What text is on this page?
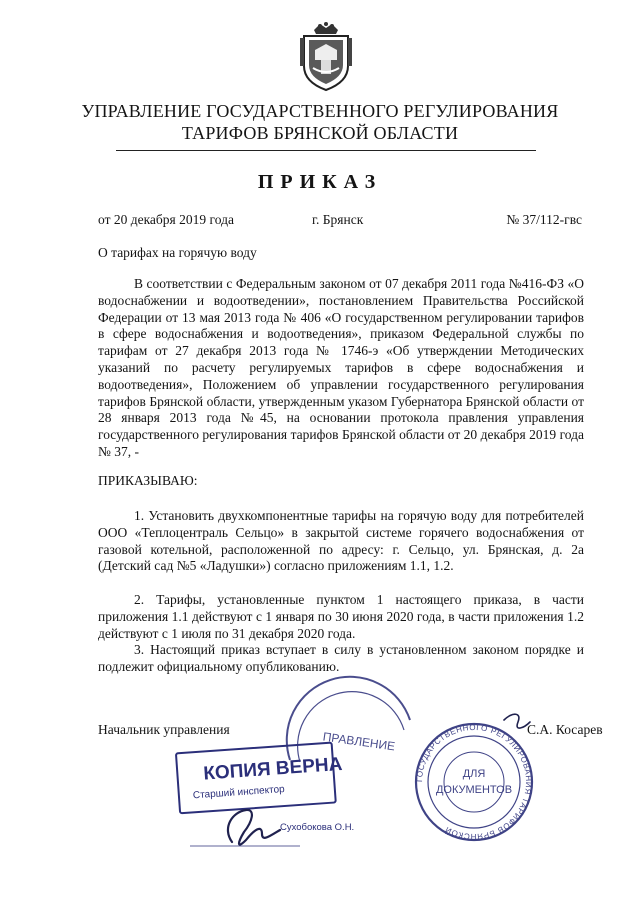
УПРАВЛЕНИЕ ГОСУДАРСТВЕННОГО РЕГУЛИРОВАНИЯ
ТАРИФОВ БРЯНСКОЙ ОБЛАСТИ
ПРИКАЗ
от 20 декабря 2019 года	г. Брянск	№ 37/112-гвс
О тарифах на горячую воду

В соответствии с Федеральным законом от 07 декабря 2011 года №416-ФЗ «О водоснабжении и водоотведении», постановлением Правительства Российской Федерации от 13 мая 2013 года № 406 «О государственном регулировании тарифов в сфере водоснабжения и водоотведения», приказом Федеральной службы по тарифам от 27 декабря 2013 года № 1746-э «Об утверждении Методических указаний по расчету регулируемых тарифов в сфере водоснабжения и водоотведения», Положением об управлении государственного регулирования тарифов Брянской области, утвержденным указом Губернатора Брянской области от 28 января 2013 года №45, на основании протокола правления управления государственного регулирования тарифов Брянской области от 20 декабря 2019 года № 37, -

ПРИКАЗЫВАЮ:

1. Установить двухкомпонентные тарифы на горячую воду для потребителей ООО «Теплоцентраль Сельцо» в закрытой системе горячего водоснабжения от газовой котельной, расположенной по адресу: г. Сельцо, ул. Брянская, д. 2а (Детский сад №5 «Ладушки») согласно приложениям 1.1, 1.2.

2. Тарифы, установленные пунктом 1 настоящего приказа, в части приложения 1.1 действуют с 1 января по 30 июня 2020 года, в части приложения 1.2 действуют с 1 июля по 31 декабря 2020 года.

3. Настоящий приказ вступает в силу в установленном законом порядке и подлежит официальному опубликованию.

Начальник управления	С.А. Косарев
ПРАВЛЕНИЕ
ГОСУДАРСТВЕННОГО РЕГУЛИРОВАНИЯ ТАРИФОВ БРЯНСКОЙ
ДЛЯ
ДОКУМЕНТОВ
КОПИЯ ВЕРНА
Старший инспектор
Сухобокова О.Н.
